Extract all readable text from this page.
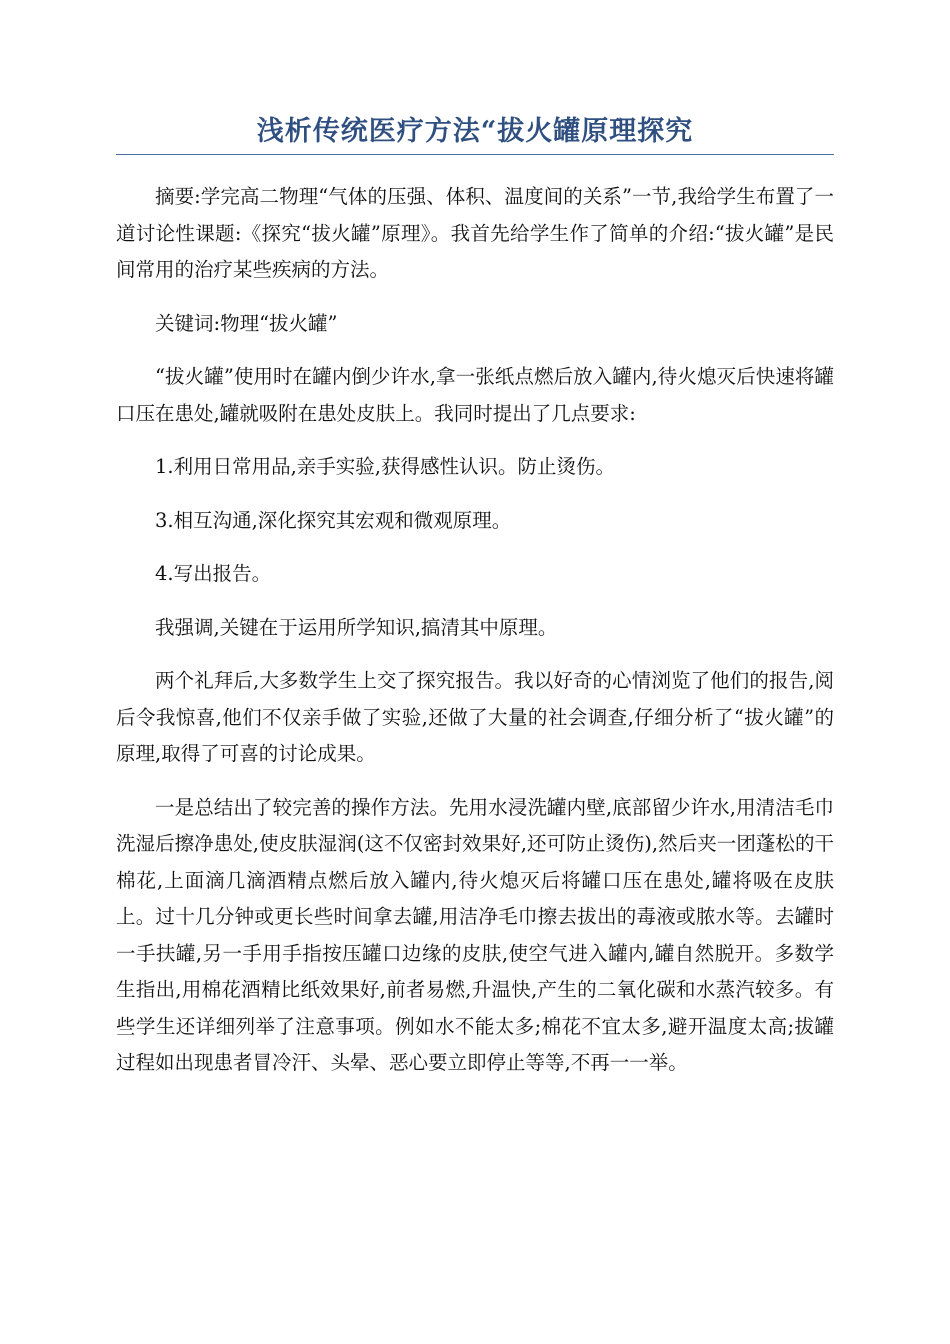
浅析传统医疗方法“拔火罐原理探究

摘要:学完高二物理“气体的压强、体积、温度间的关系”一节,我给学生布置了一道讨论性课题:《探究“拔火罐”原理》。我首先给学生作了简单的介绍:“拔火罐”是民间常用的治疗某些疾病的方法。

关键词:物理“拔火罐”

“拔火罐”使用时在罐内倒少许水,拿一张纸点燃后放入罐内,待火熄灭后快速将罐口压在患处,罐就吸附在患处皮肤上。我同时提出了几点要求:

1.利用日常用品,亲手实验,获得感性认识。防止烫伤。

3.相互沟通,深化探究其宏观和微观原理。

4.写出报告。

我强调,关键在于运用所学知识,搞清其中原理。

两个礼拜后,大多数学生上交了探究报告。我以好奇的心情浏览了他们的报告,阅后令我惊喜,他们不仅亲手做了实验,还做了大量的社会调查,仔细分析了“拔火罐”的原理,取得了可喜的讨论成果。

一是总结出了较完善的操作方法。先用水浸洗罐内壁,底部留少许水,用清洁毛巾洗湿后擦净患处,使皮肤湿润(这不仅密封效果好,还可防止烫伤),然后夹一团蓬松的干棉花,上面滴几滴酒精点燃后放入罐内,待火熄灭后将罐口压在患处,罐将吸在皮肤上。过十几分钟或更长些时间拿去罐,用洁净毛巾擦去拔出的毒液或脓水等。去罐时一手扶罐,另一手用手指按压罐口边缘的皮肤,使空气进入罐内,罐自然脱开。多数学生指出,用棉花酒精比纸效果好,前者易燃,升温快,产生的二氧化碳和水蒸汽较多。有些学生还详细列举了注意事项。例如水不能太多;棉花不宜太多,避开温度太高;拔罐过程如出现患者冒冷汗、头晕、恶心要立即停止等等,不再一一举。
